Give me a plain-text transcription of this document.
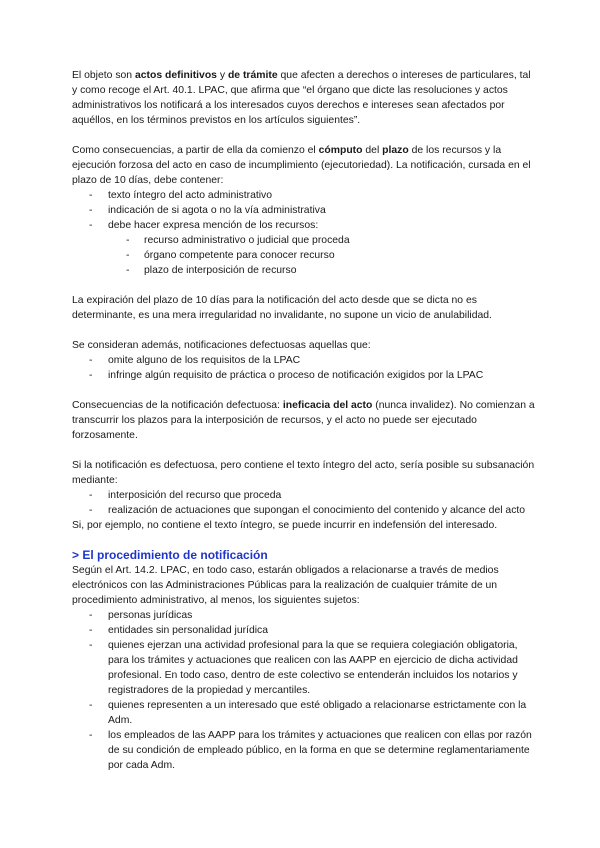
El objeto son actos definitivos y de trámite que afecten a derechos o intereses de particulares, tal y como recoge el Art. 40.1. LPAC, que afirma que “el órgano que dicte las resoluciones y actos administrativos los notificará a los interesados cuyos derechos e intereses sean afectados por aquéllos, en los términos previstos en los artículos siguientes”.

Como consecuencias, a partir de ella da comienzo el cómputo del plazo de los recursos y la ejecución forzosa del acto en caso de incumplimiento (ejecutoriedad). La notificación, cursada en el plazo de 10 días, debe contener:

- texto íntegro del acto administrativo
- indicación de si agota o no la vía administrativa
- debe hacer expresa mención de los recursos:
- recurso administrativo o judicial que proceda
- órgano competente para conocer recurso
- plazo de interposición de recurso

La expiración del plazo de 10 días para la notificación del acto desde que se dicta no es determinante, es una mera irregularidad no invalidante, no supone un vicio de anulabilidad.

Se consideran además, notificaciones defectuosas aquellas que:

- omite alguno de los requisitos de la LPAC
- infringe algún requisito de práctica o proceso de notificación exigidos por la LPAC

Consecuencias de la notificación defectuosa: ineficacia del acto (nunca invalidez). No comienzan a transcurrir los plazos para la interposición de recursos, y el acto no puede ser ejecutado forzosamente.

Si la notificación es defectuosa, pero contiene el texto íntegro del acto, sería posible su subsanación mediante:

- interposición del recurso que proceda
- realización de actuaciones que supongan el conocimiento del contenido y alcance del acto

Si, por ejemplo, no contiene el texto íntegro, se puede incurrir en indefensión del interesado.

> El procedimiento de notificación

Según el Art. 14.2. LPAC, en todo caso, estarán obligados a relacionarse a través de medios electrónicos con las Administraciones Públicas para la realización de cualquier trámite de un procedimiento administrativo, al menos, los siguientes sujetos:

- personas jurídicas
- entidades sin personalidad jurídica
- quienes ejerzan una actividad profesional para la que se requiera colegiación obligatoria, para los trámites y actuaciones que realicen con las AAPP en ejercicio de dicha actividad profesional. En todo caso, dentro de este colectivo se entenderán incluidos los notarios y registradores de la propiedad y mercantiles.
- quienes representen a un interesado que esté obligado a relacionarse estrictamente con la Adm.
- los empleados de las AAPP para los trámites y actuaciones que realicen con ellas por razón de su condición de empleado público, en la forma en que se determine reglamentariamente por cada Adm.
